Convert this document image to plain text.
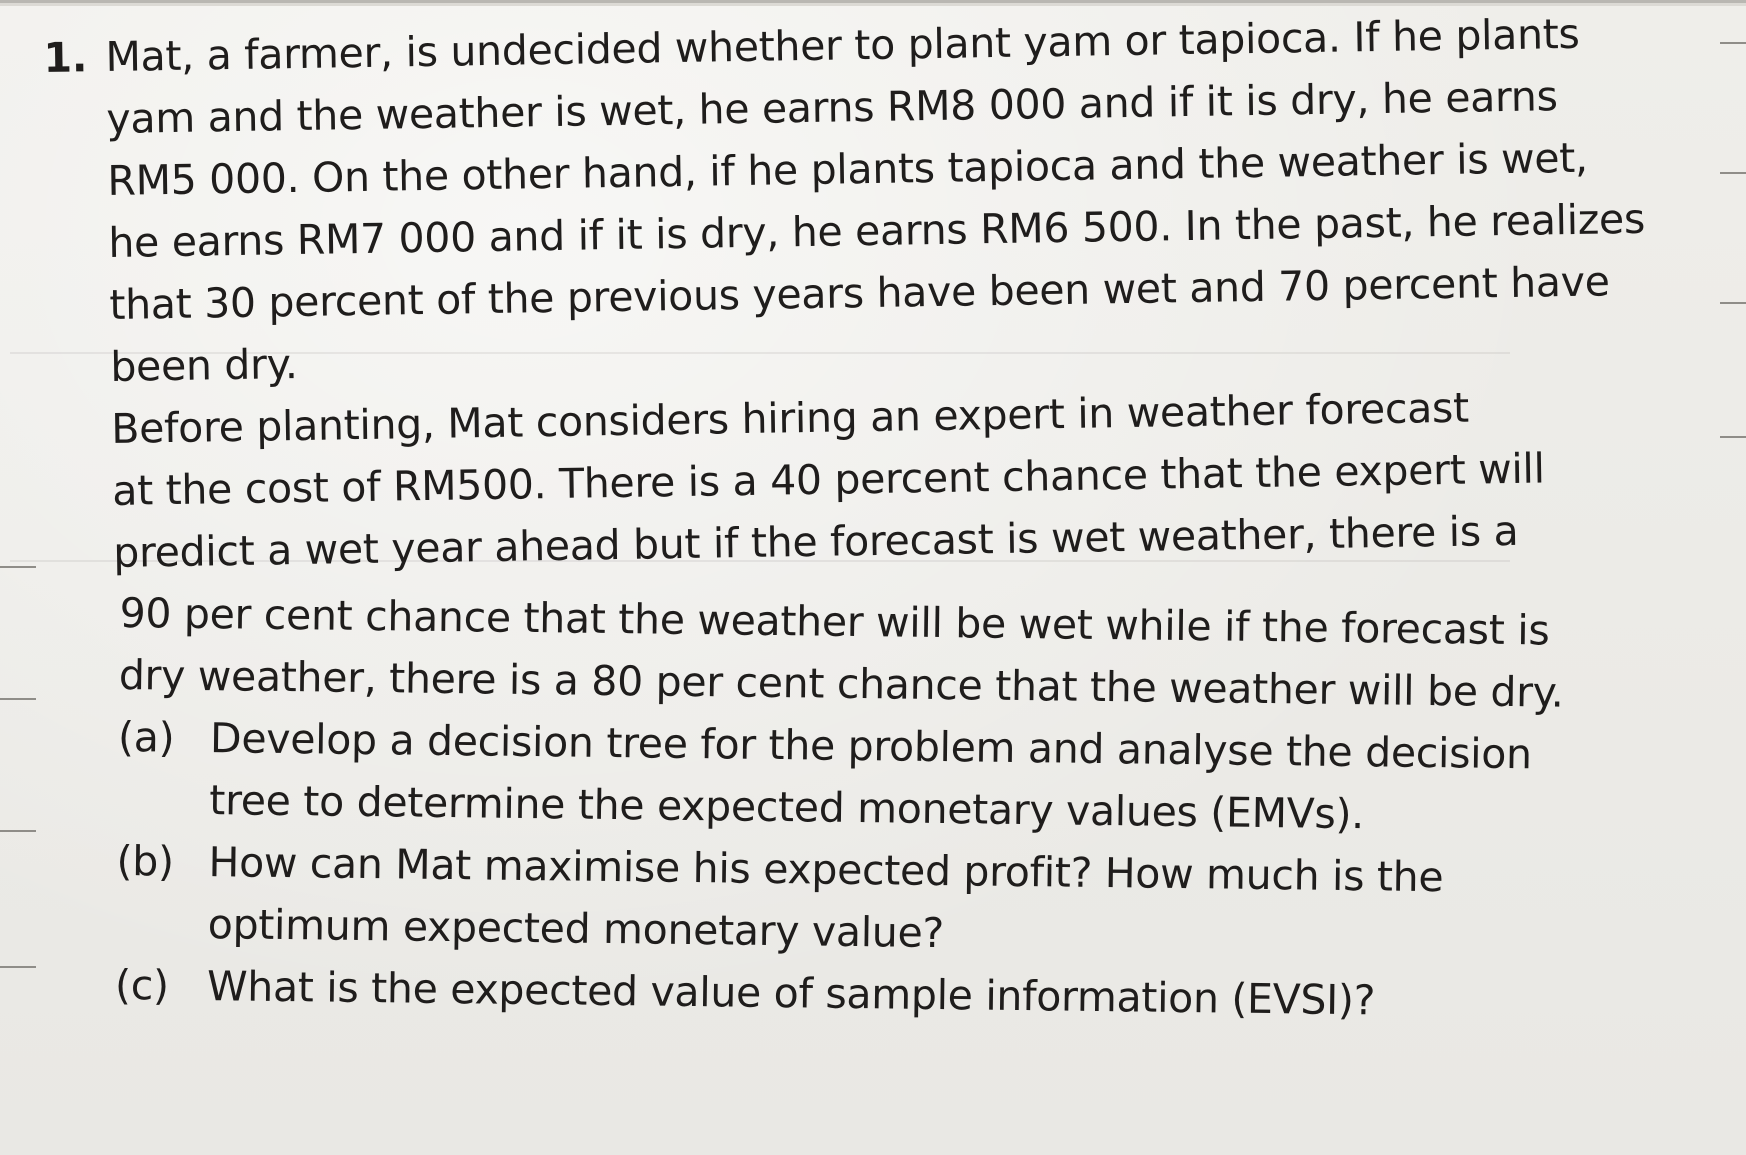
1. Mat, a farmer, is undecided whether to plant yam or tapioca. If he plants
yam and the weather is wet, he earns RM8 000 and if it is dry, he earns
RM5 000. On the other hand, if he plants tapioca and the weather is wet,
he earns RM7 000 and if it is dry, he earns RM6 500. In the past, he realizes
that 30 percent of the previous years have been wet and 70 percent have
been dry.
Before planting, Mat considers hiring an expert in weather forecast
at the cost of RM500. There is a 40 percent chance that the expert will
predict a wet year ahead but if the forecast is wet weather, there is a
90 per cent chance that the weather will be wet while if the forecast is
dry weather, there is a 80 per cent chance that the weather will be dry.
(a) Develop a decision tree for the problem and analyse the decision
tree to determine the expected monetary values (EMVs).
(b) How can Mat maximise his expected profit? How much is the
optimum expected monetary value?
(c) What is the expected value of sample information (EVSI)?
